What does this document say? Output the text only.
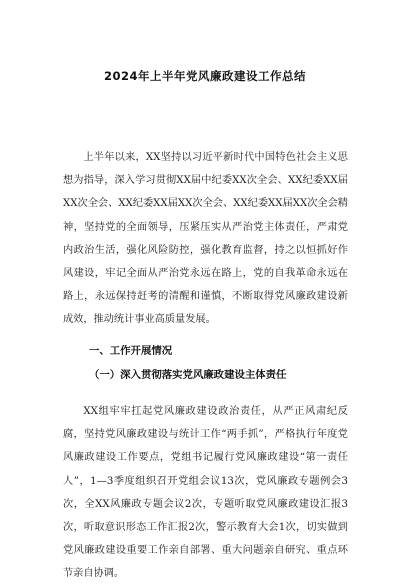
2024年上半年党风廉政建设工作总结

上半年以来，XX坚持以习近平新时代中国特色社会主义思想为指导，深入学习贯彻XX届中纪委XX次全会、XX纪委XX届XX次全会、XX纪委XX届XX次全会、XX纪委XX届XX次全会精神，坚持党的全面领导，压紧压实从严治党主体责任，严肃党内政治生活，强化风险防控，强化教育监督，持之以恒抓好作风建设，牢记全面从严治党永远在路上，党的自我革命永远在路上，永远保持赶考的清醒和谨慎，不断取得党风廉政建设新成效，推动统计事业高质量发展。

一、工作开展情况
（一）深入贯彻落实党风廉政建设主体责任

XX组牢牢扛起党风廉政建设政治责任，从严正风肃纪反腐，坚持党风廉政建设与统计工作“两手抓”，严格执行年度党风廉政建设工作要点，党组书记履行党风廉政建设“第一责任人”，1—3季度组织召开党组会议13次，党风廉政专题例会3次，全XX风廉政专题会议2次，专题听取党风廉政建设汇报3次，听取意识形态工作汇报2次，警示教育大会1次，切实做到党风廉政建设重要工作亲自部署、重大问题亲自研究、重点环节亲自协调。
